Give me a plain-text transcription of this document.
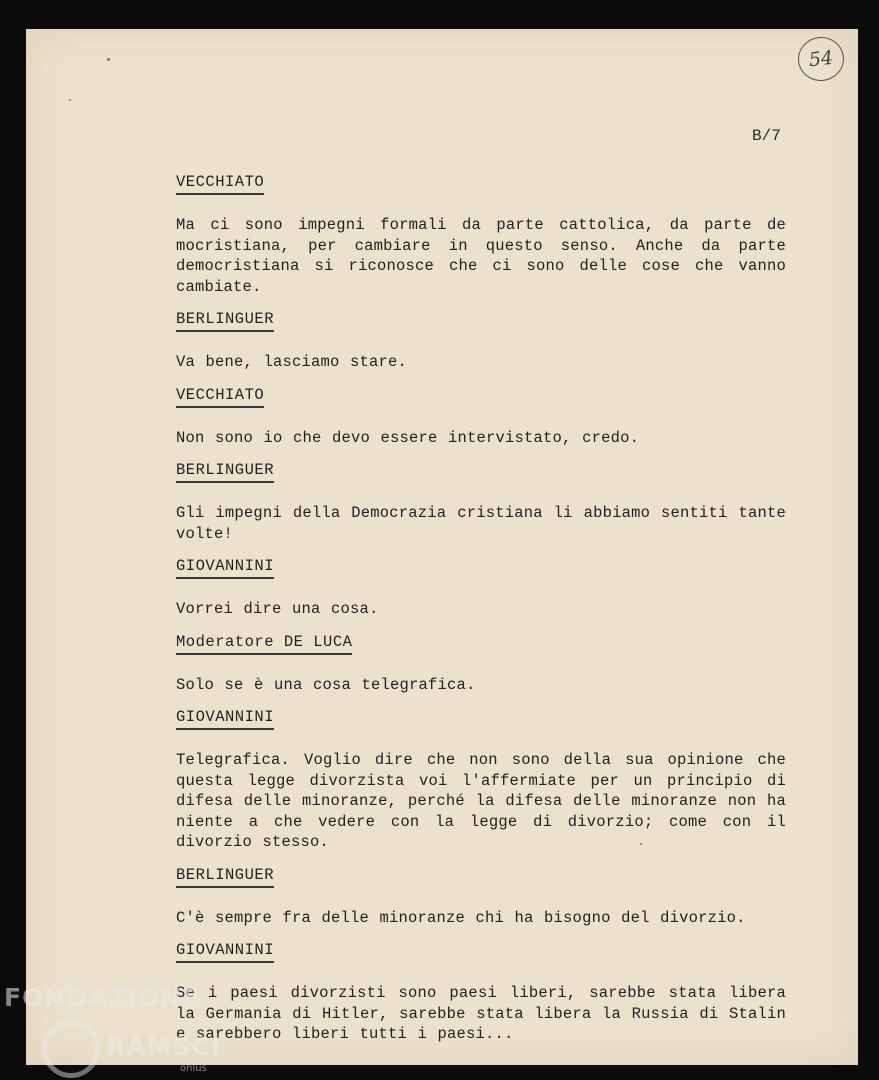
54
B/7
VECCHIATO

Ma ci sono impegni formali da parte cattolica, da parte de mocristiana, per cambiare in questo senso. Anche da parte democristiana si riconosce che ci sono delle cose che vanno cambiate.

BERLINGUER

Va bene, lasciamo stare.

VECCHIATO

Non sono io che devo essere intervistato, credo.

BERLINGUER

Gli impegni della Democrazia cristiana li abbiamo sentiti tante volte!

GIOVANNINI

Vorrei dire una cosa.

Moderatore DE LUCA

Solo se è una cosa telegrafica.

GIOVANNINI

Telegrafica. Voglio dire che non sono della sua opinione che questa legge divorzista voi l'affermiate per un principio di difesa delle minoranze, perché la difesa delle minoranze non ha niente a che vedere con la legge di divorzio; come con il divorzio stesso.

BERLINGUER

C'è sempre fra delle minoranze chi ha bisogno del divorzio.

GIOVANNINI

Se i paesi divorzisti sono paesi liberi, sarebbe stata libera la Germania di Hitler, sarebbe stata libera la Russia di Stalin e sarebbero liberi tutti i paesi...

FONDAZIONE
RAMSCI
onlus
